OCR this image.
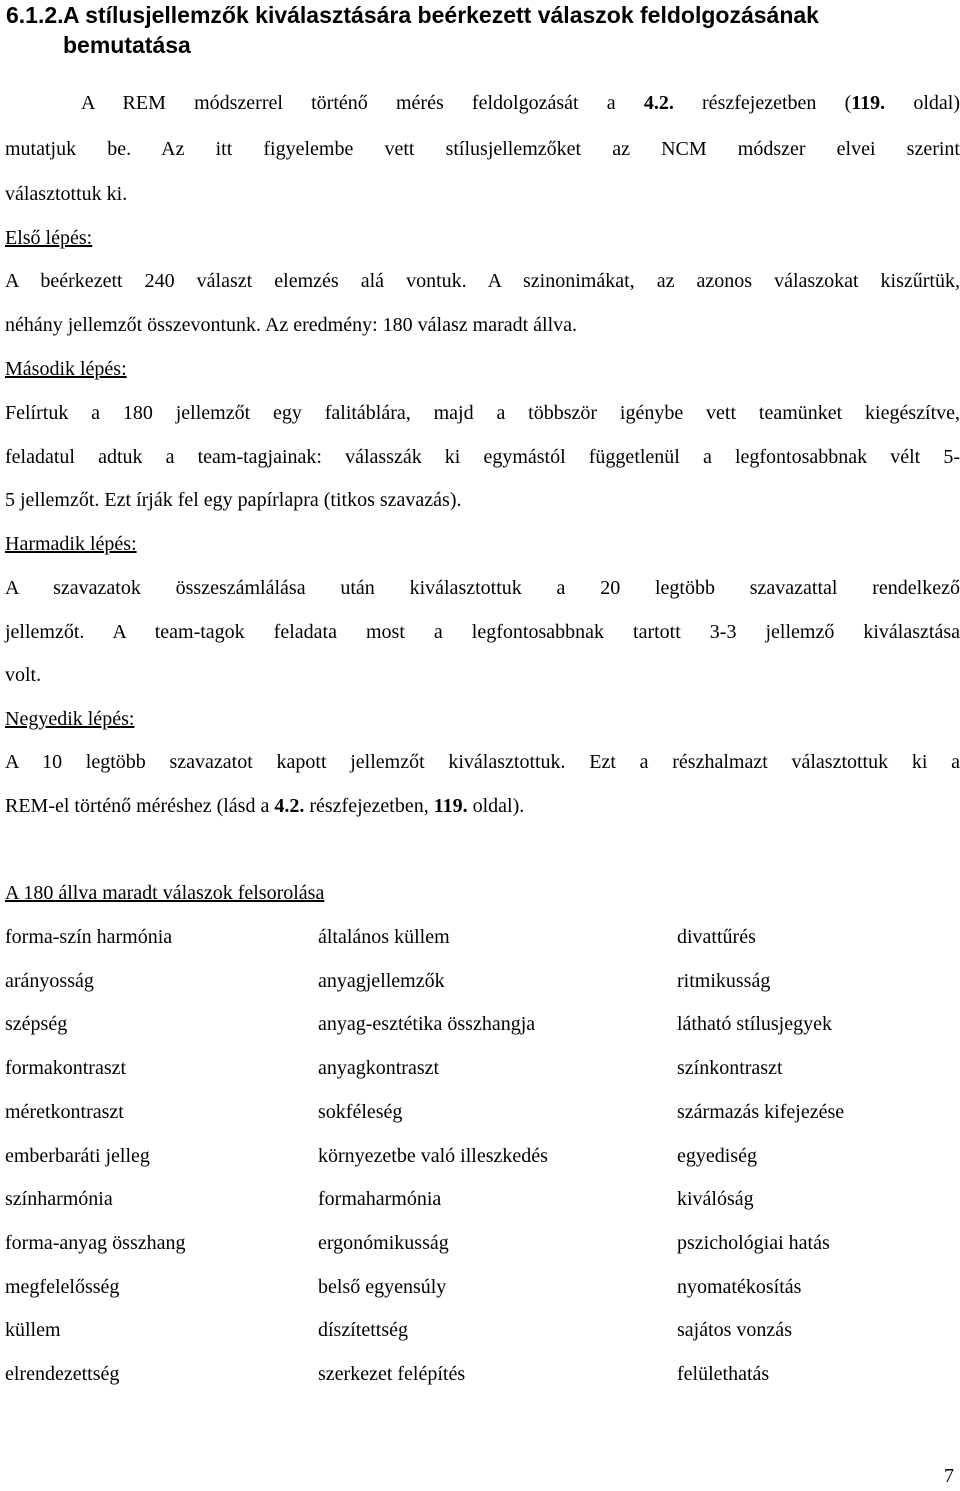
6.1.2.A stílusjellemzők kiválasztására beérkezett válaszok feldolgozásának
bemutatása
A REM módszerrel történő mérés feldolgozását a 4.2. részfejezetben (119. oldal)
mutatjuk be. Az itt figyelembe vett stílusjellemzőket az NCM módszer elvei szerint
választottuk ki.
Első lépés:
A beérkezett 240 választ elemzés alá vontuk. A szinonimákat, az azonos válaszokat kiszűrtük,
néhány jellemzőt összevontunk. Az eredmény: 180 válasz maradt állva.
Második lépés:
Felírtuk a 180 jellemzőt egy falitáblára, majd a többször igénybe vett teamünket kiegészítve,
feladatul adtuk a team-tagjainak: válasszák ki egymástól függetlenül a legfontosabbnak vélt 5-
5 jellemzőt. Ezt írják fel egy papírlapra (titkos szavazás).
Harmadik lépés:
A szavazatok összeszámlálása után kiválasztottuk a 20 legtöbb szavazattal rendelkező
jellemzőt. A team-tagok feladata most a legfontosabbnak tartott 3-3 jellemző kiválasztása
volt.
Negyedik lépés:
A 10 legtöbb szavazatot kapott jellemzőt kiválasztottuk. Ezt a részhalmazt választottuk ki a
REM-el történő méréshez (lásd a 4.2. részfejezetben, 119. oldal).
A 180 állva maradt válaszok felsorolása
forma-szín harmónia	általános küllem	divattűrés
arányosság	anyagjellemzők	ritmikusság
szépség	anyag-esztétika összhangja	látható stílusjegyek
formakontraszt	anyagkontraszt	színkontraszt
méretkontraszt	sokféleség	származás kifejezése
emberbaráti jelleg	környezetbe való illeszkedés	egyediség
színharmónia	formaharmónia	kiválóság
forma-anyag összhang	ergonómikusság	pszichológiai hatás
megfelelősség	belső egyensúly	nyomatékosítás
küllem	díszítettség	sajátos vonzás
elrendezettség	szerkezet felépítés	felülethatás
7
